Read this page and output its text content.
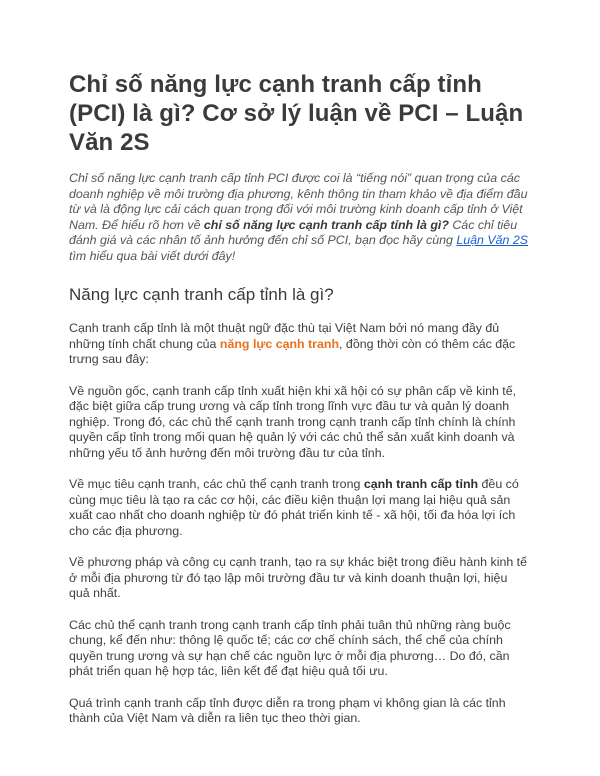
Chỉ số năng lực cạnh tranh cấp tỉnh (PCI) là gì? Cơ sở lý luận về PCI – Luận Văn 2S

Chỉ số năng lực cạnh tranh cấp tỉnh PCI được coi là “tiếng nói” quan trọng của các doanh nghiệp về môi trường địa phương, kênh thông tin tham khảo về địa điểm đầu từ và là động lực cải cách quan trọng đối với môi trường kinh doanh cấp tỉnh ở Việt Nam. Để hiểu rõ hơn về chỉ số năng lực cạnh tranh cấp tỉnh là gì? Các chỉ tiêu đánh giá và các nhân tố ảnh hưởng đến chỉ số PCI, bạn đọc hãy cùng Luận Văn 2S tìm hiểu qua bài viết dưới đây!

Năng lực cạnh tranh cấp tỉnh là gì?

Cạnh tranh cấp tỉnh là một thuật ngữ đặc thù tại Việt Nam bởi nó mang đầy đủ những tính chất chung của năng lực cạnh tranh, đồng thời còn có thêm các đặc trưng sau đây:

Về nguồn gốc, cạnh tranh cấp tỉnh xuất hiện khi xã hội có sự phân cấp về kinh tế, đặc biệt giữa cấp trung ương và cấp tỉnh trong lĩnh vực đầu tư và quản lý doanh nghiệp. Trong đó, các chủ thể cạnh tranh trong cạnh tranh cấp tỉnh chính là chính quyền cấp tỉnh trong mối quan hệ quản lý với các chủ thể sản xuất kinh doanh và những yếu tố ảnh hưởng đến môi trường đầu tư của tỉnh.

Về mục tiêu cạnh tranh, các chủ thể cạnh tranh trong cạnh tranh cấp tỉnh đều có cùng mục tiêu là tạo ra các cơ hội, các điều kiện thuận lợi mang lại hiệu quả sản xuất cao nhất cho doanh nghiệp từ đó phát triển kinh tế - xã hội, tối đa hóa lợi ích cho các địa phương.

Về phương pháp và công cụ cạnh tranh, tạo ra sự khác biệt trong điều hành kinh tế ở mỗi địa phương từ đó tạo lập môi trường đầu tư và kinh doanh thuận lợi, hiệu quả nhất.

Các chủ thể cạnh tranh trong cạnh tranh cấp tỉnh phải tuân thủ những ràng buộc chung, kể đến như: thông lệ quốc tế; các cơ chế chính sách, thể chế của chính quyền trung ương và sự hạn chế các nguồn lực ở mỗi địa phương… Do đó, cần phát triển quan hệ hợp tác, liên kết để đạt hiệu quả tối ưu.

Quá trình cạnh tranh cấp tỉnh được diễn ra trong phạm vi không gian là các tỉnh thành của Việt Nam và diễn ra liên tục theo thời gian.
